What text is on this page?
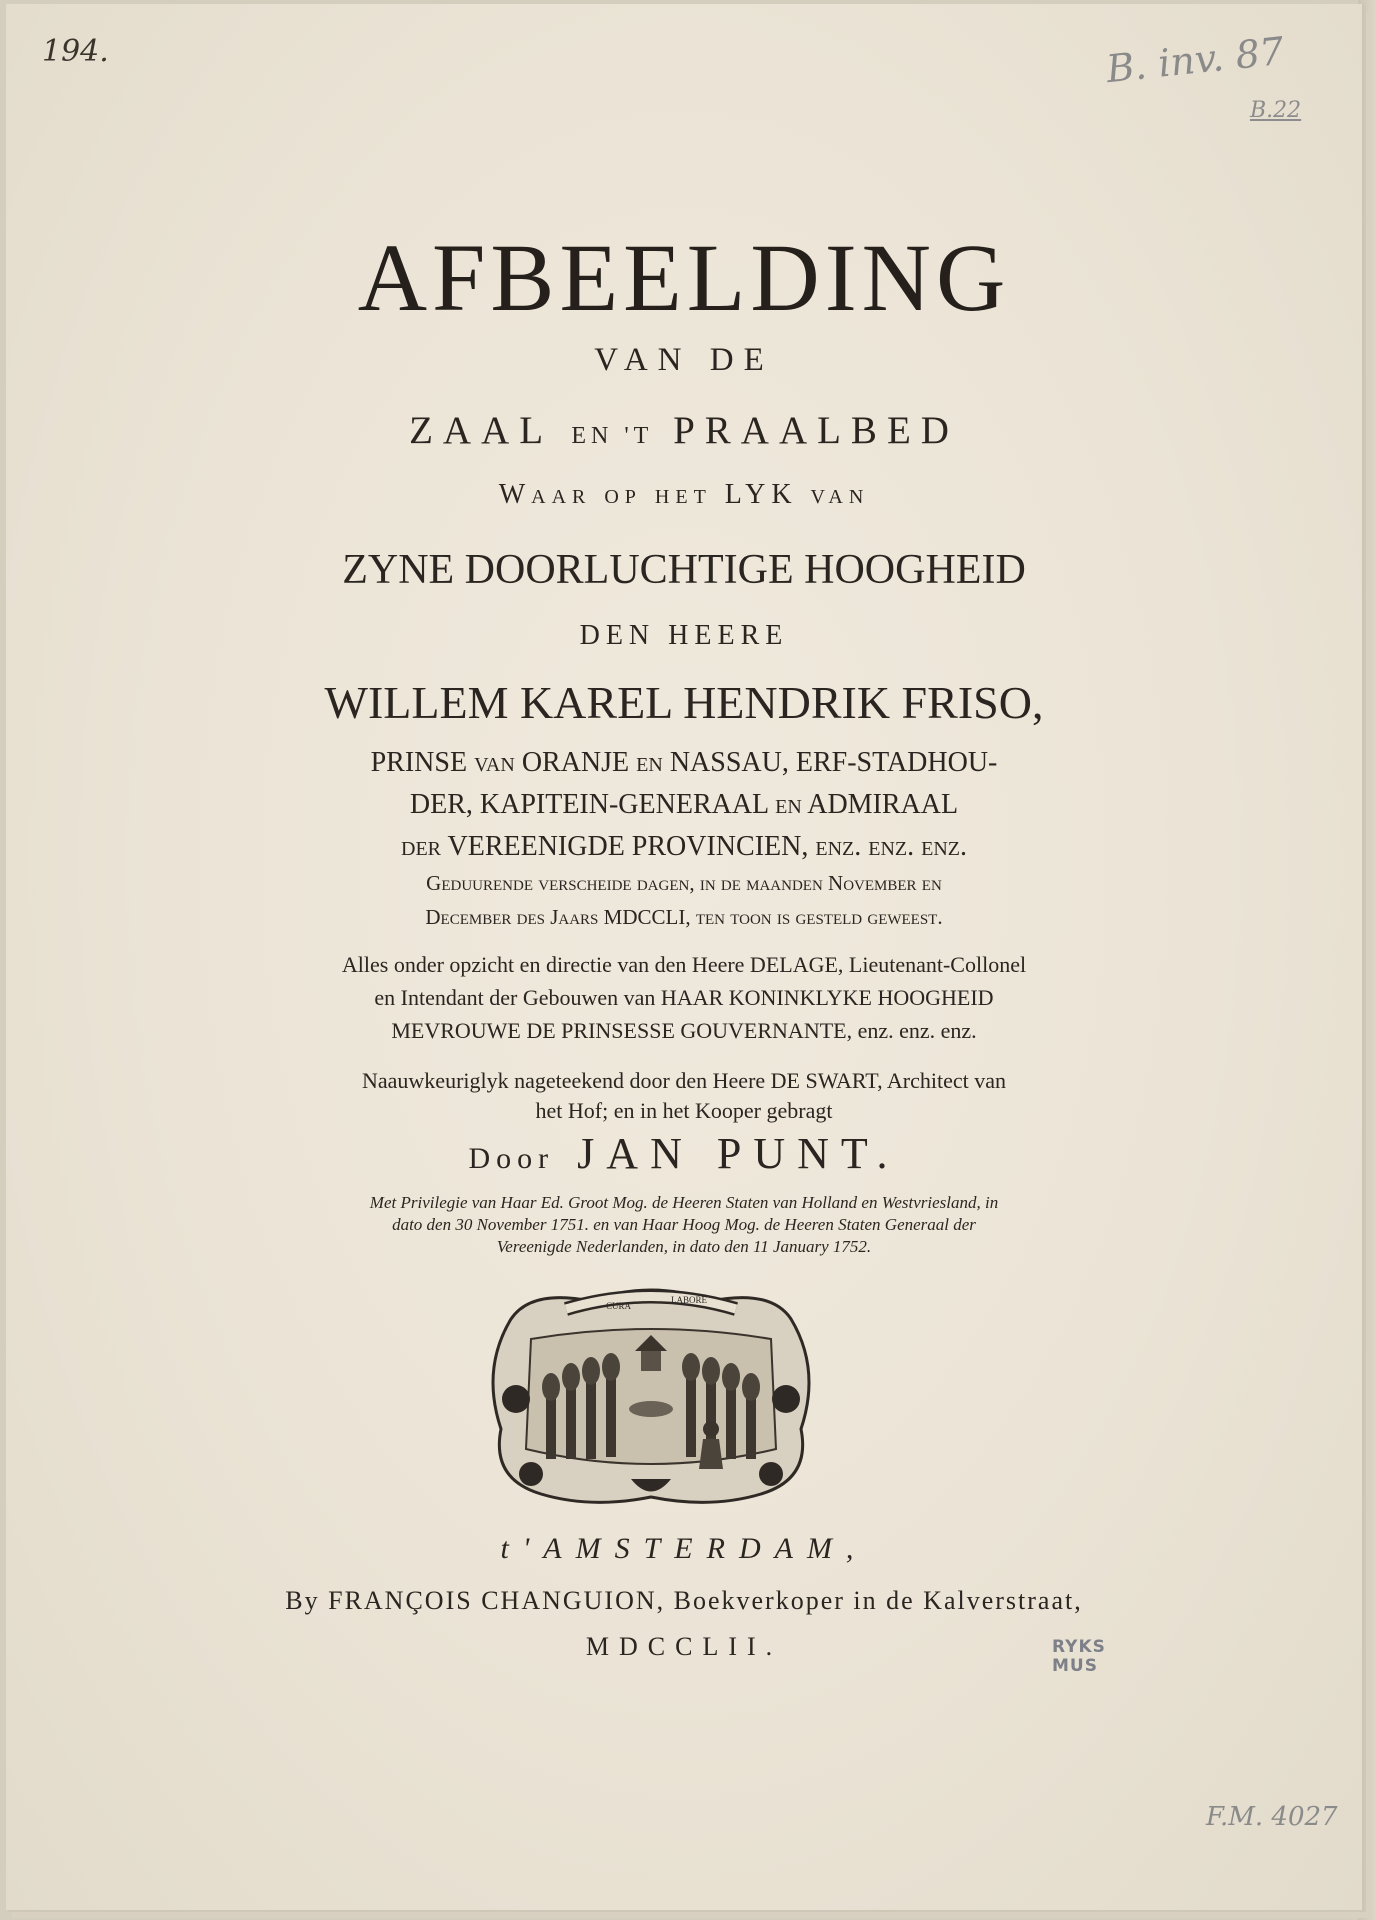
194.	B. inv. 87
B.22
AFBEELDING
VAN DE
ZAAL EN 'T PRAALBED
Waar op het LYK van
ZYNE DOORLUCHTIGE HOOGHEID
DEN HEERE
WILLEM KAREL HENDRIK FRISO,
PRINSE van ORANJE en NASSAU, ERF-STADHOU-
DER, KAPITEIN-GENERAAL en ADMIRAAL
der VEREENIGDE PROVINCIEN, enz. enz. enz.
Geduurende verscheide dagen, in de maanden November en
December des Jaars MDCCLI, ten toon is gesteld geweest.
Alles onder opzicht en directie van den Heere DELAGE, Lieutenant-Collonel
en Intendant der Gebouwen van HAAR KONINKLYKE HOOGHEID
MEVROUWE DE PRINSESSE GOUVERNANTE, enz. enz. enz.
Naauwkeuriglyk nageteekend door den Heere DE SWART, Architect van
het Hof; en in het Kooper gebragt
Door JAN PUNT.
Met Privilegie van Haar Ed. Groot Mog. de Heeren Staten van Holland en Westvriesland, in
dato den 30 November 1751. en van Haar Hoog Mog. de Heeren Staten Generaal der
Vereenigde Nederlanden, in dato den 11 January 1752.
CURA
LABORE
t'AMSTERDAM,
By FRANÇOIS CHANGUION, Boekverkoper in de Kalverstraat,
MDCCLII.	RYKS MUS
F.M. 4027
